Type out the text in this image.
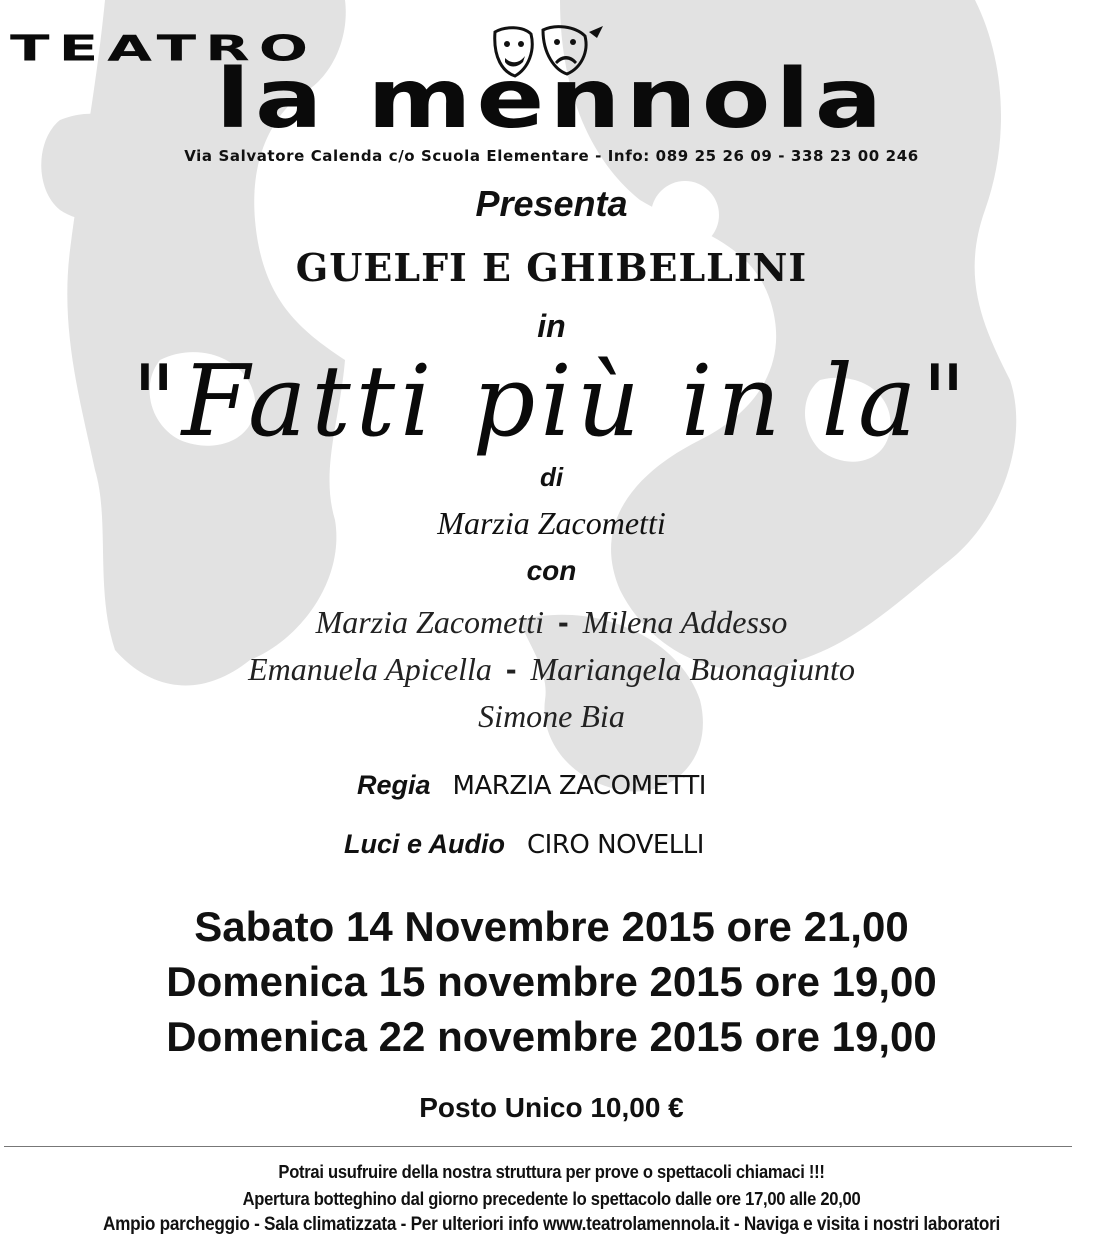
TEATRO
la mennola
Via Salvatore Calenda c/o Scuola Elementare - Info: 089 25 26 09 - 338 23 00 246
Presenta
GUELFI E GHIBELLINI
in
"Fatti più in la"
di
Marzia Zacometti
con
Marzia Zacometti - Milena Addesso
Emanuela Apicella - Mariangela Buonagiunto
Simone Bia
Regia MARZIA ZACOMETTI
Luci e Audio CIRO NOVELLI
Sabato 14 Novembre 2015 ore 21,00
Domenica 15 novembre 2015 ore 19,00
Domenica 22 novembre 2015 ore 19,00
Posto Unico 10,00 €
Potrai usufruire della nostra struttura per prove o spettacoli chiamaci !!!
Apertura botteghino dal giorno precedente lo spettacolo dalle ore 17,00 alle 20,00
Ampio parcheggio - Sala climatizzata - Per ulteriori info www.teatrolamennola.it - Naviga e visita i nostri laboratori
